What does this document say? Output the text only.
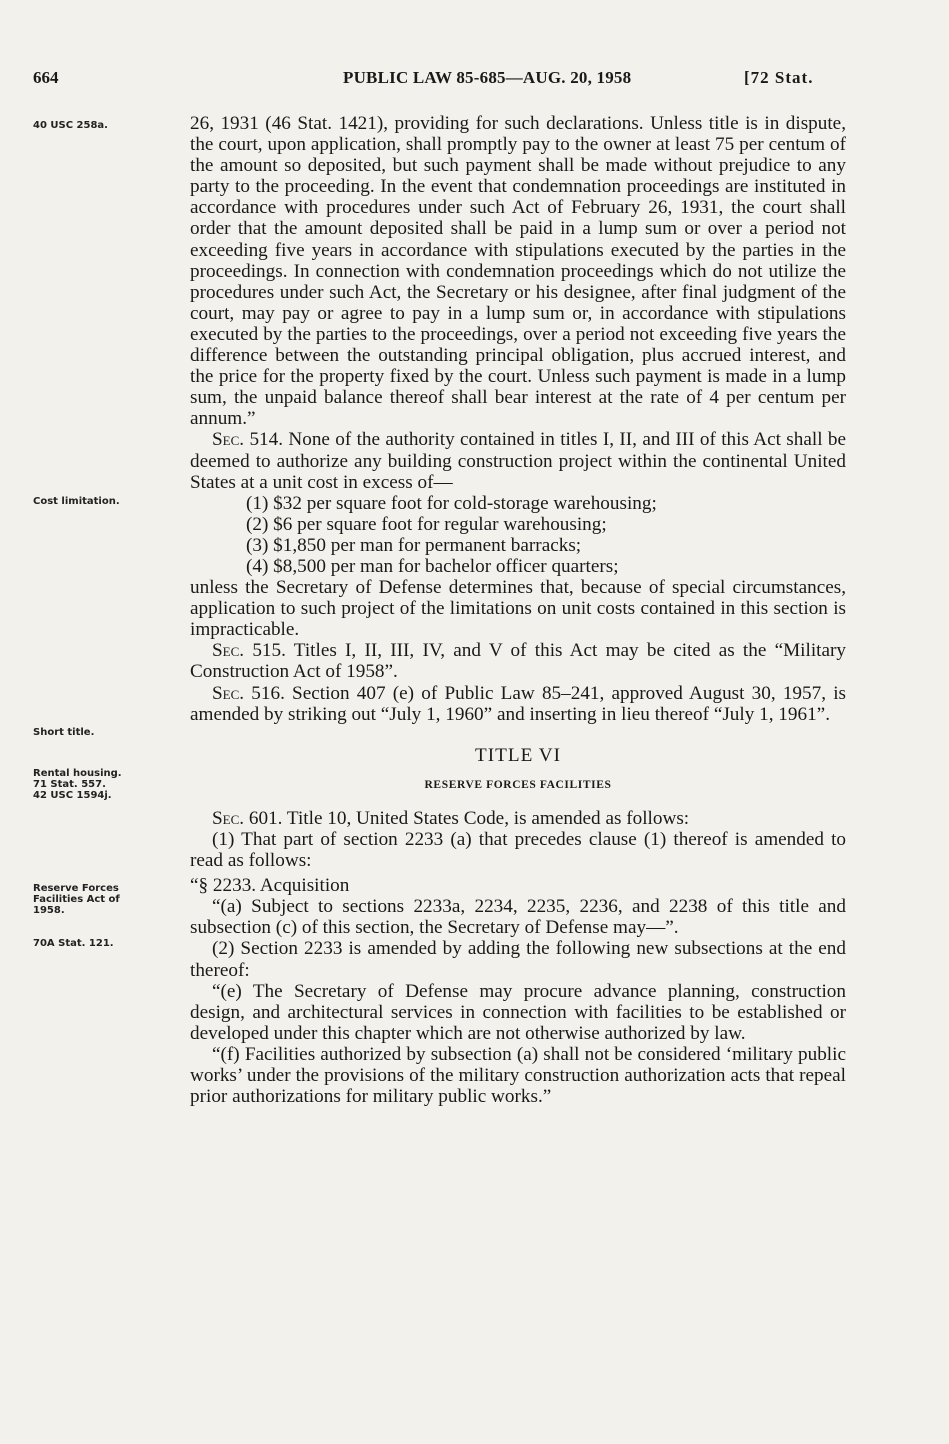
664	PUBLIC LAW 85-685—AUG. 20, 1958	[72 Stat.
40 USC 258a.
Cost limitation.
Short title.
Rental housing.
71 Stat. 557.
42 USC 1594j.
Reserve Forces
Facilities Act of
1958.
70A Stat. 121.

26, 1931 (46 Stat. 1421), providing for such declarations. Unless title is in dispute, the court, upon application, shall promptly pay to the owner at least 75 per centum of the amount so deposited, but such payment shall be made without prejudice to any party to the proceeding. In the event that condemnation proceedings are instituted in accordance with procedures under such Act of February 26, 1931, the court shall order that the amount deposited shall be paid in a lump sum or over a period not exceeding five years in accordance with stipulations executed by the parties in the proceedings. In connection with condemnation proceedings which do not utilize the procedures under such Act, the Secretary or his designee, after final judgment of the court, may pay or agree to pay in a lump sum or, in accordance with stipulations executed by the parties to the proceedings, over a period not exceeding five years the difference between the outstanding principal obligation, plus accrued interest, and the price for the property fixed by the court. Unless such payment is made in a lump sum, the unpaid balance thereof shall bear interest at the rate of 4 per centum per annum.”

Sec. 514. None of the authority contained in titles I, II, and III of this Act shall be deemed to authorize any building construction project within the continental United States at a unit cost in excess of—

(1) $32 per square foot for cold-storage warehousing;

(2) $6 per square foot for regular warehousing;

(3) $1,850 per man for permanent barracks;

(4) $8,500 per man for bachelor officer quarters;

unless the Secretary of Defense determines that, because of special circumstances, application to such project of the limitations on unit costs contained in this section is impracticable.

Sec. 515. Titles I, II, III, IV, and V of this Act may be cited as the “Military Construction Act of 1958”.

Sec. 516. Section 407 (e) of Public Law 85–241, approved August 30, 1957, is amended by striking out “July 1, 1960” and inserting in lieu thereof “July 1, 1961”.

TITLE VI

RESERVE FORCES FACILITIES

Sec. 601. Title 10, United States Code, is amended as follows:

(1) That part of section 2233 (a) that precedes clause (1) thereof is amended to read as follows:

“§ 2233. Acquisition

“(a) Subject to sections 2233a, 2234, 2235, 2236, and 2238 of this title and subsection (c) of this section, the Secretary of Defense may—”.

(2) Section 2233 is amended by adding the following new subsections at the end thereof:

“(e) The Secretary of Defense may procure advance planning, construction design, and architectural services in connection with facilities to be established or developed under this chapter which are not otherwise authorized by law.

“(f) Facilities authorized by subsection (a) shall not be considered ‘military public works’ under the provisions of the military construction authorization acts that repeal prior authorizations for military public works.”
